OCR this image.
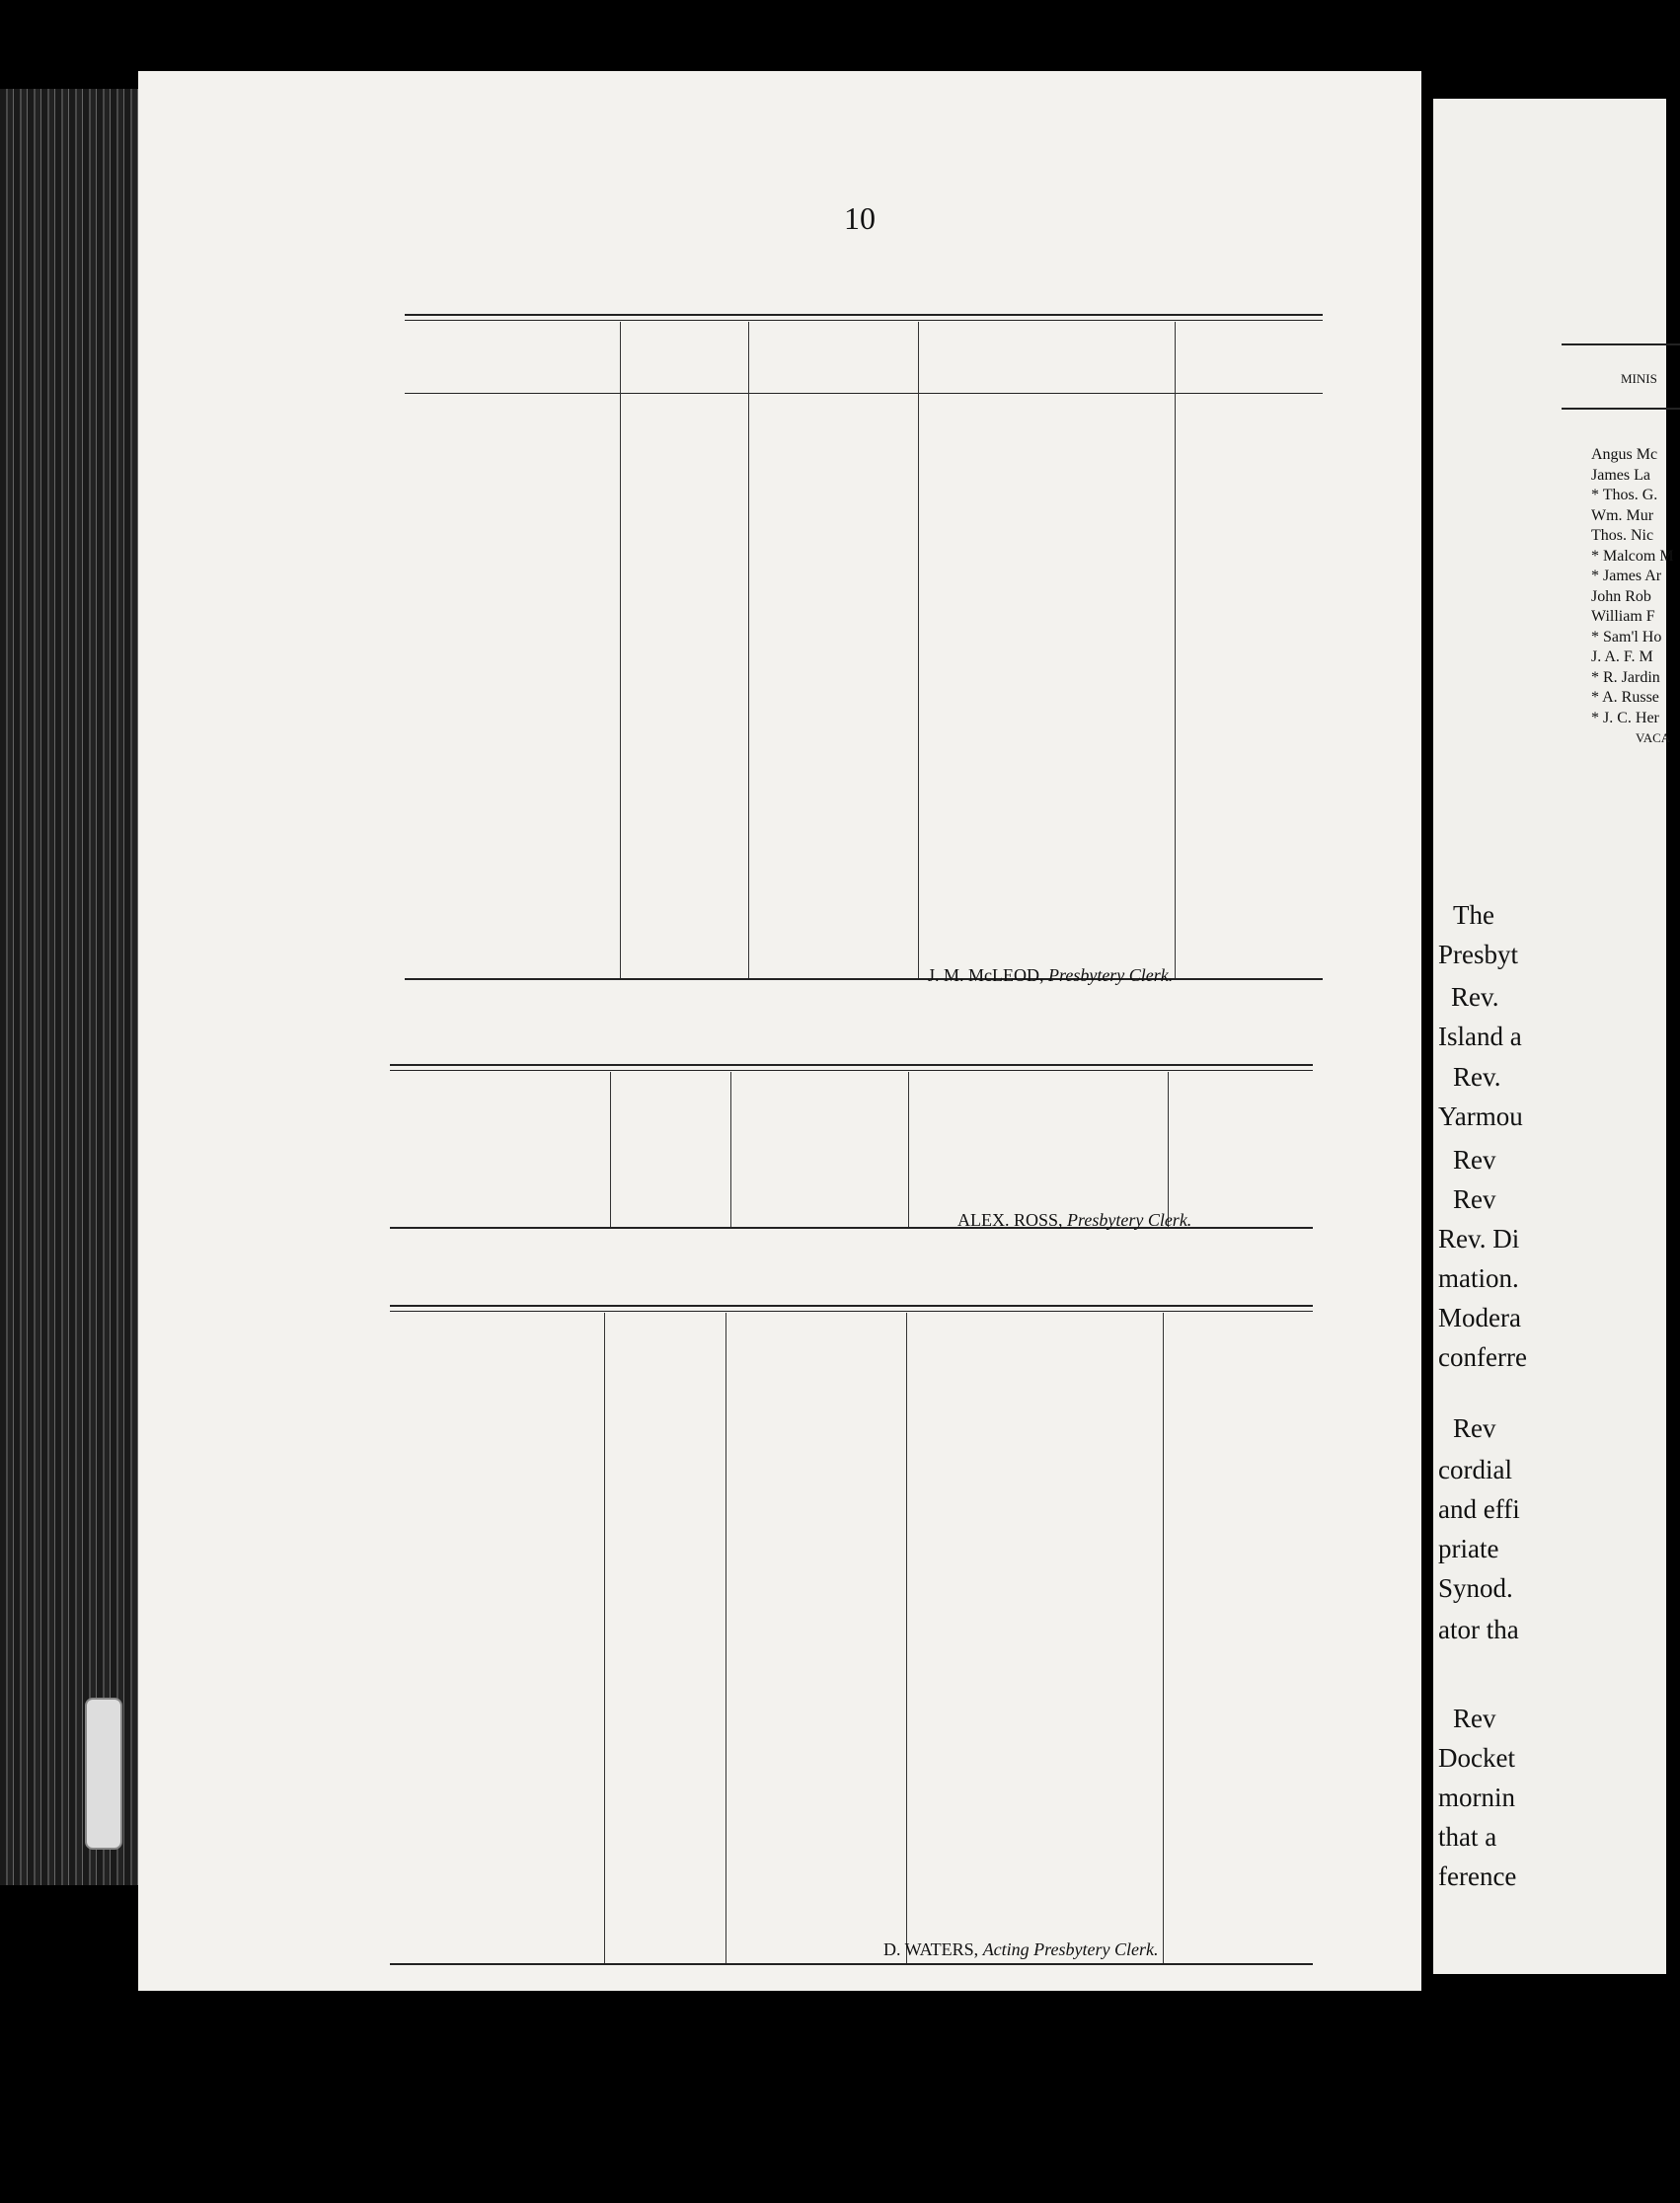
MINIS
Angus Mc
James La
* Thos. G.
Wm. Mur
Thos. Nic
* Malcom M
* James Ar
John Rob
William F
* Sam'l Ho
J. A. F. M
* R. Jardin
* A. Russe
* J. C. Her
VACA
The
Presbyt
Rev.
Island a
Rev.
Yarmou
Rev
Rev
Rev. Di
mation.
Modera
conferre
Rev
cordial
and effi
priate
Synod.
ator tha
Rev
Docket
mornin
that a
ference
10
J. M. McLEOD, Presbytery Clerk.
ALEX. ROSS, Presbytery Clerk.
D. WATERS, Acting Presbytery Clerk.
